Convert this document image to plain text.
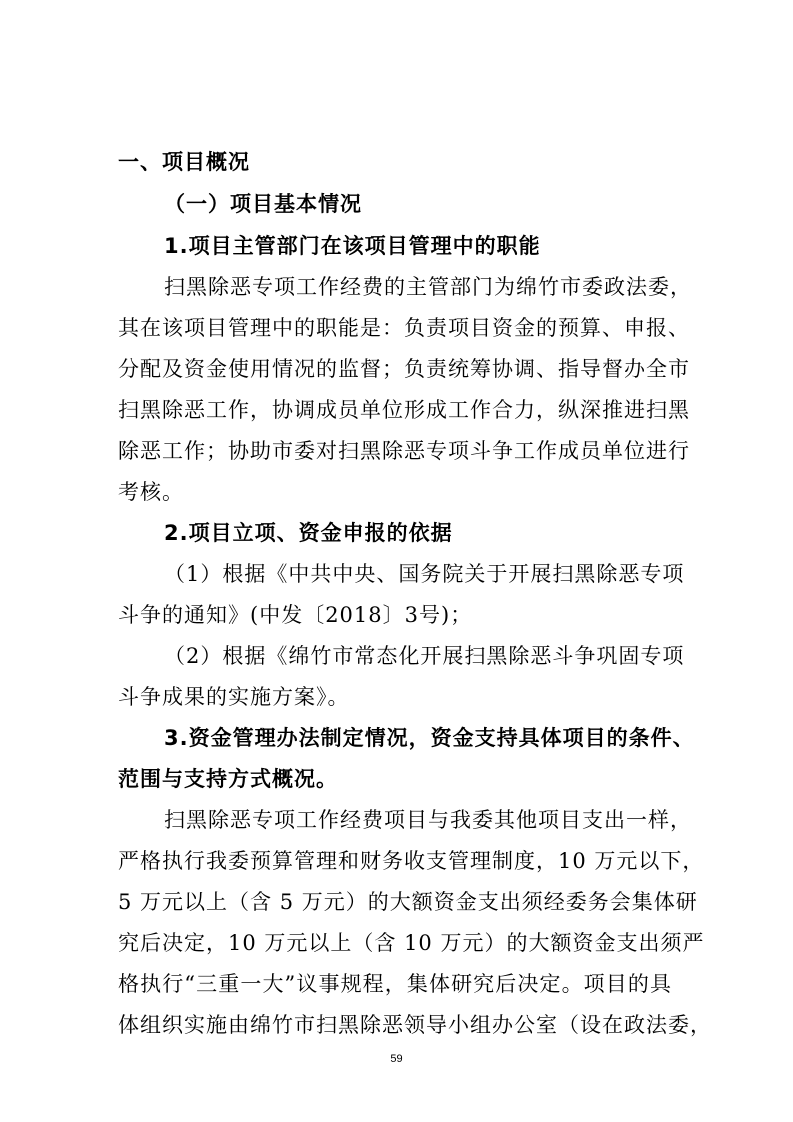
一、项目概况
（一）项目基本情况
1.项目主管部门在该项目管理中的职能
扫黑除恶专项工作经费的主管部门为绵竹市委政法委，
其在该项目管理中的职能是：负责项目资金的预算、申报、
分配及资金使用情况的监督；负责统筹协调、指导督办全市
扫黑除恶工作，协调成员单位形成工作合力，纵深推进扫黑
除恶工作；协助市委对扫黑除恶专项斗争工作成员单位进行
考核。
2.项目立项、资金申报的依据
（1）根据《中共中央、国务院关于开展扫黑除恶专项
斗争的通知》(中发〔2018〕3号)；
（2）根据《绵竹市常态化开展扫黑除恶斗争巩固专项
斗争成果的实施方案》。
3.资金管理办法制定情况，资金支持具体项目的条件、
范围与支持方式概况。
扫黑除恶专项工作经费项目与我委其他项目支出一样，
严格执行我委预算管理和财务收支管理制度，10 万元以下，
5 万元以上（含 5 万元）的大额资金支出须经委务会集体研
究后决定，10 万元以上（含 10 万元）的大额资金支出须严
格执行“三重一大”议事规程，集体研究后决定。项目的具
体组织实施由绵竹市扫黑除恶领导小组办公室（设在政法委，
59
